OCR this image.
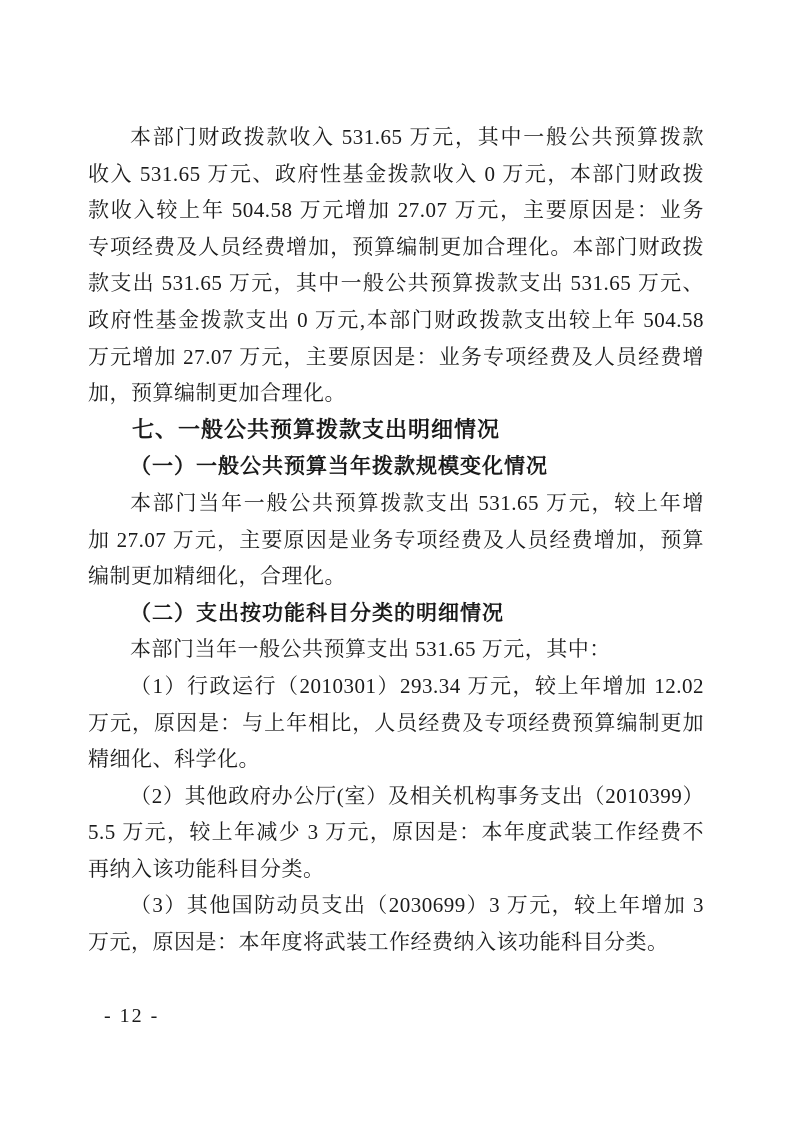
本部门财政拨款收入 531.65 万元，其中一般公共预算拨款
收入 531.65 万元、政府性基金拨款收入 0 万元，本部门财政拨
款收入较上年 504.58 万元增加 27.07 万元，主要原因是：业务
专项经费及人员经费增加，预算编制更加合理化。本部门财政拨
款支出 531.65 万元，其中一般公共预算拨款支出 531.65 万元、
政府性基金拨款支出 0 万元,本部门财政拨款支出较上年 504.58
万元增加 27.07 万元，主要原因是：业务专项经费及人员经费增
加，预算编制更加合理化。
七、一般公共预算拨款支出明细情况
（一）一般公共预算当年拨款规模变化情况
本部门当年一般公共预算拨款支出 531.65 万元，较上年增
加 27.07 万元，主要原因是业务专项经费及人员经费增加，预算
编制更加精细化，合理化。
（二）支出按功能科目分类的明细情况
本部门当年一般公共预算支出 531.65 万元，其中：
（1）行政运行（2010301）293.34 万元，较上年增加 12.02
万元，原因是：与上年相比，人员经费及专项经费预算编制更加
精细化、科学化。
（2）其他政府办公厅(室）及相关机构事务支出（2010399）
5.5 万元，较上年减少 3 万元，原因是：本年度武装工作经费不
再纳入该功能科目分类。
（3）其他国防动员支出（2030699）3 万元，较上年增加 3
万元，原因是：本年度将武装工作经费纳入该功能科目分类。
- 12 -
